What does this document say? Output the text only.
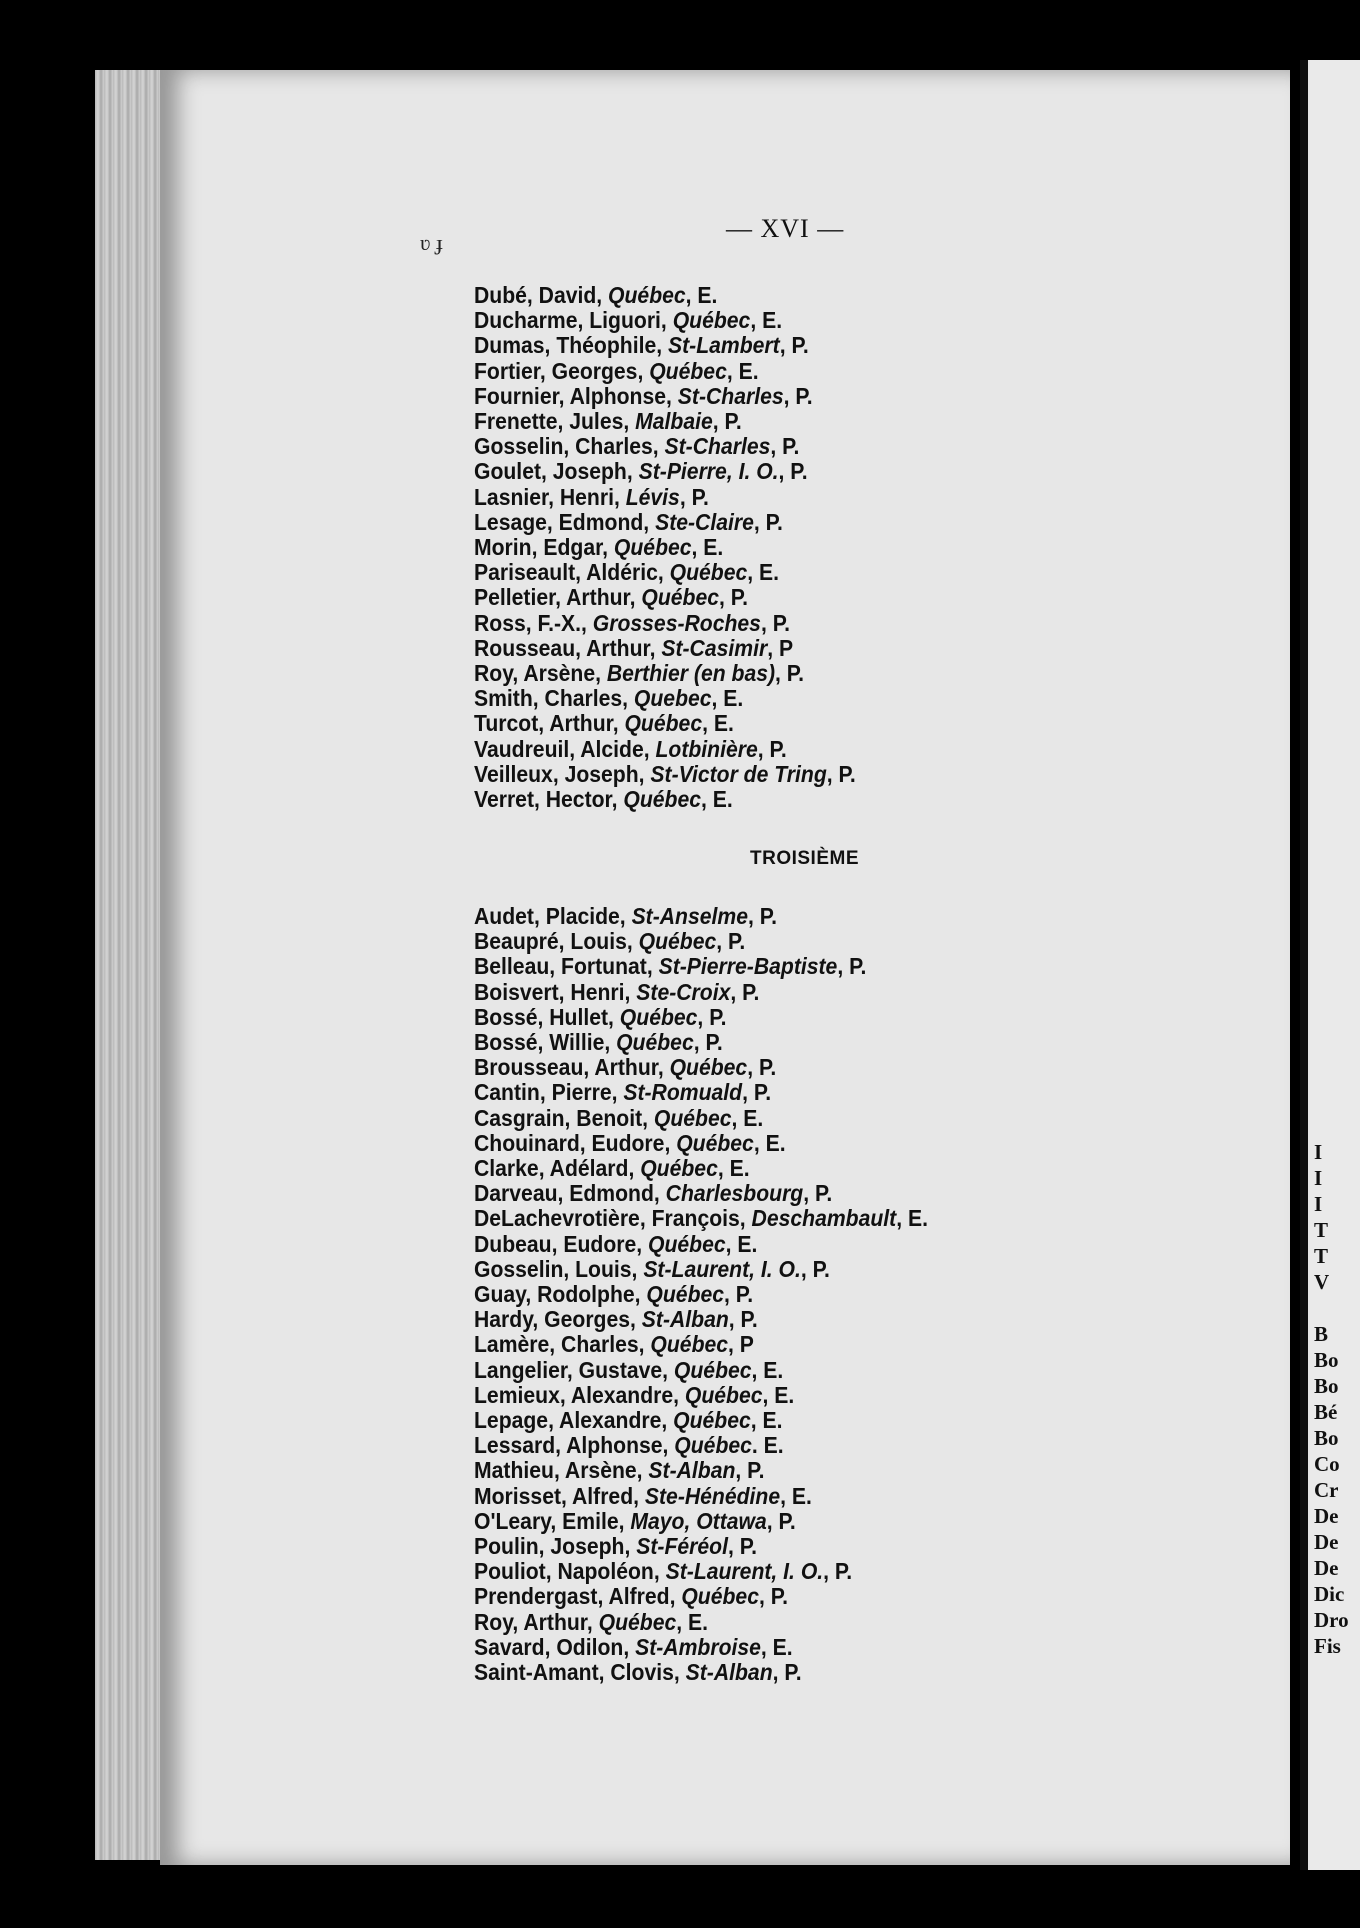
I
I
I
T
T
V
B
Bo
Bo
Bé
Bo
Co
Cr
De
De
De
Dic
Dro
Fis
ʋ ɟ	— XVI —
Dubé, David, Québec, E.
Ducharme, Liguori, Québec, E.
Dumas, Théophile, St-Lambert, P.
Fortier, Georges, Québec, E.
Fournier, Alphonse, St-Charles, P.
Frenette, Jules, Malbaie, P.
Gosselin, Charles, St-Charles, P.
Goulet, Joseph, St-Pierre, I. O., P.
Lasnier, Henri, Lévis, P.
Lesage, Edmond, Ste-Claire, P.
Morin, Edgar, Québec, E.
Pariseault, Aldéric, Québec, E.
Pelletier, Arthur, Québec, P.
Ross, F.-X., Grosses-Roches, P.
Rousseau, Arthur, St-Casimir, P
Roy, Arsène, Berthier (en bas), P.
Smith, Charles, Quebec, E.
Turcot, Arthur, Québec, E.
Vaudreuil, Alcide, Lotbinière, P.
Veilleux, Joseph, St-Victor de Tring, P.
Verret, Hector, Québec, E.
TROISIÈME
Audet, Placide, St-Anselme, P.
Beaupré, Louis, Québec, P.
Belleau, Fortunat, St-Pierre-Baptiste, P.
Boisvert, Henri, Ste-Croix, P.
Bossé, Hullet, Québec, P.
Bossé, Willie, Québec, P.
Brousseau, Arthur, Québec, P.
Cantin, Pierre, St-Romuald, P.
Casgrain, Benoit, Québec, E.
Chouinard, Eudore, Québec, E.
Clarke, Adélard, Québec, E.
Darveau, Edmond, Charlesbourg, P.
DeLachevrotière, François, Deschambault, E.
Dubeau, Eudore, Québec, E.
Gosselin, Louis, St-Laurent, I. O., P.
Guay, Rodolphe, Québec, P.
Hardy, Georges, St-Alban, P.
Lamère, Charles, Québec, P
Langelier, Gustave, Québec, E.
Lemieux, Alexandre, Québec, E.
Lepage, Alexandre, Québec, E.
Lessard, Alphonse, Québec. E.
Mathieu, Arsène, St-Alban, P.
Morisset, Alfred, Ste-Hénédine, E.
O'Leary, Emile, Mayo, Ottawa, P.
Poulin, Joseph, St-Féréol, P.
Pouliot, Napoléon, St-Laurent, I. O., P.
Prendergast, Alfred, Québec, P.
Roy, Arthur, Québec, E.
Savard, Odilon, St-Ambroise, E.
Saint-Amant, Clovis, St-Alban, P.
